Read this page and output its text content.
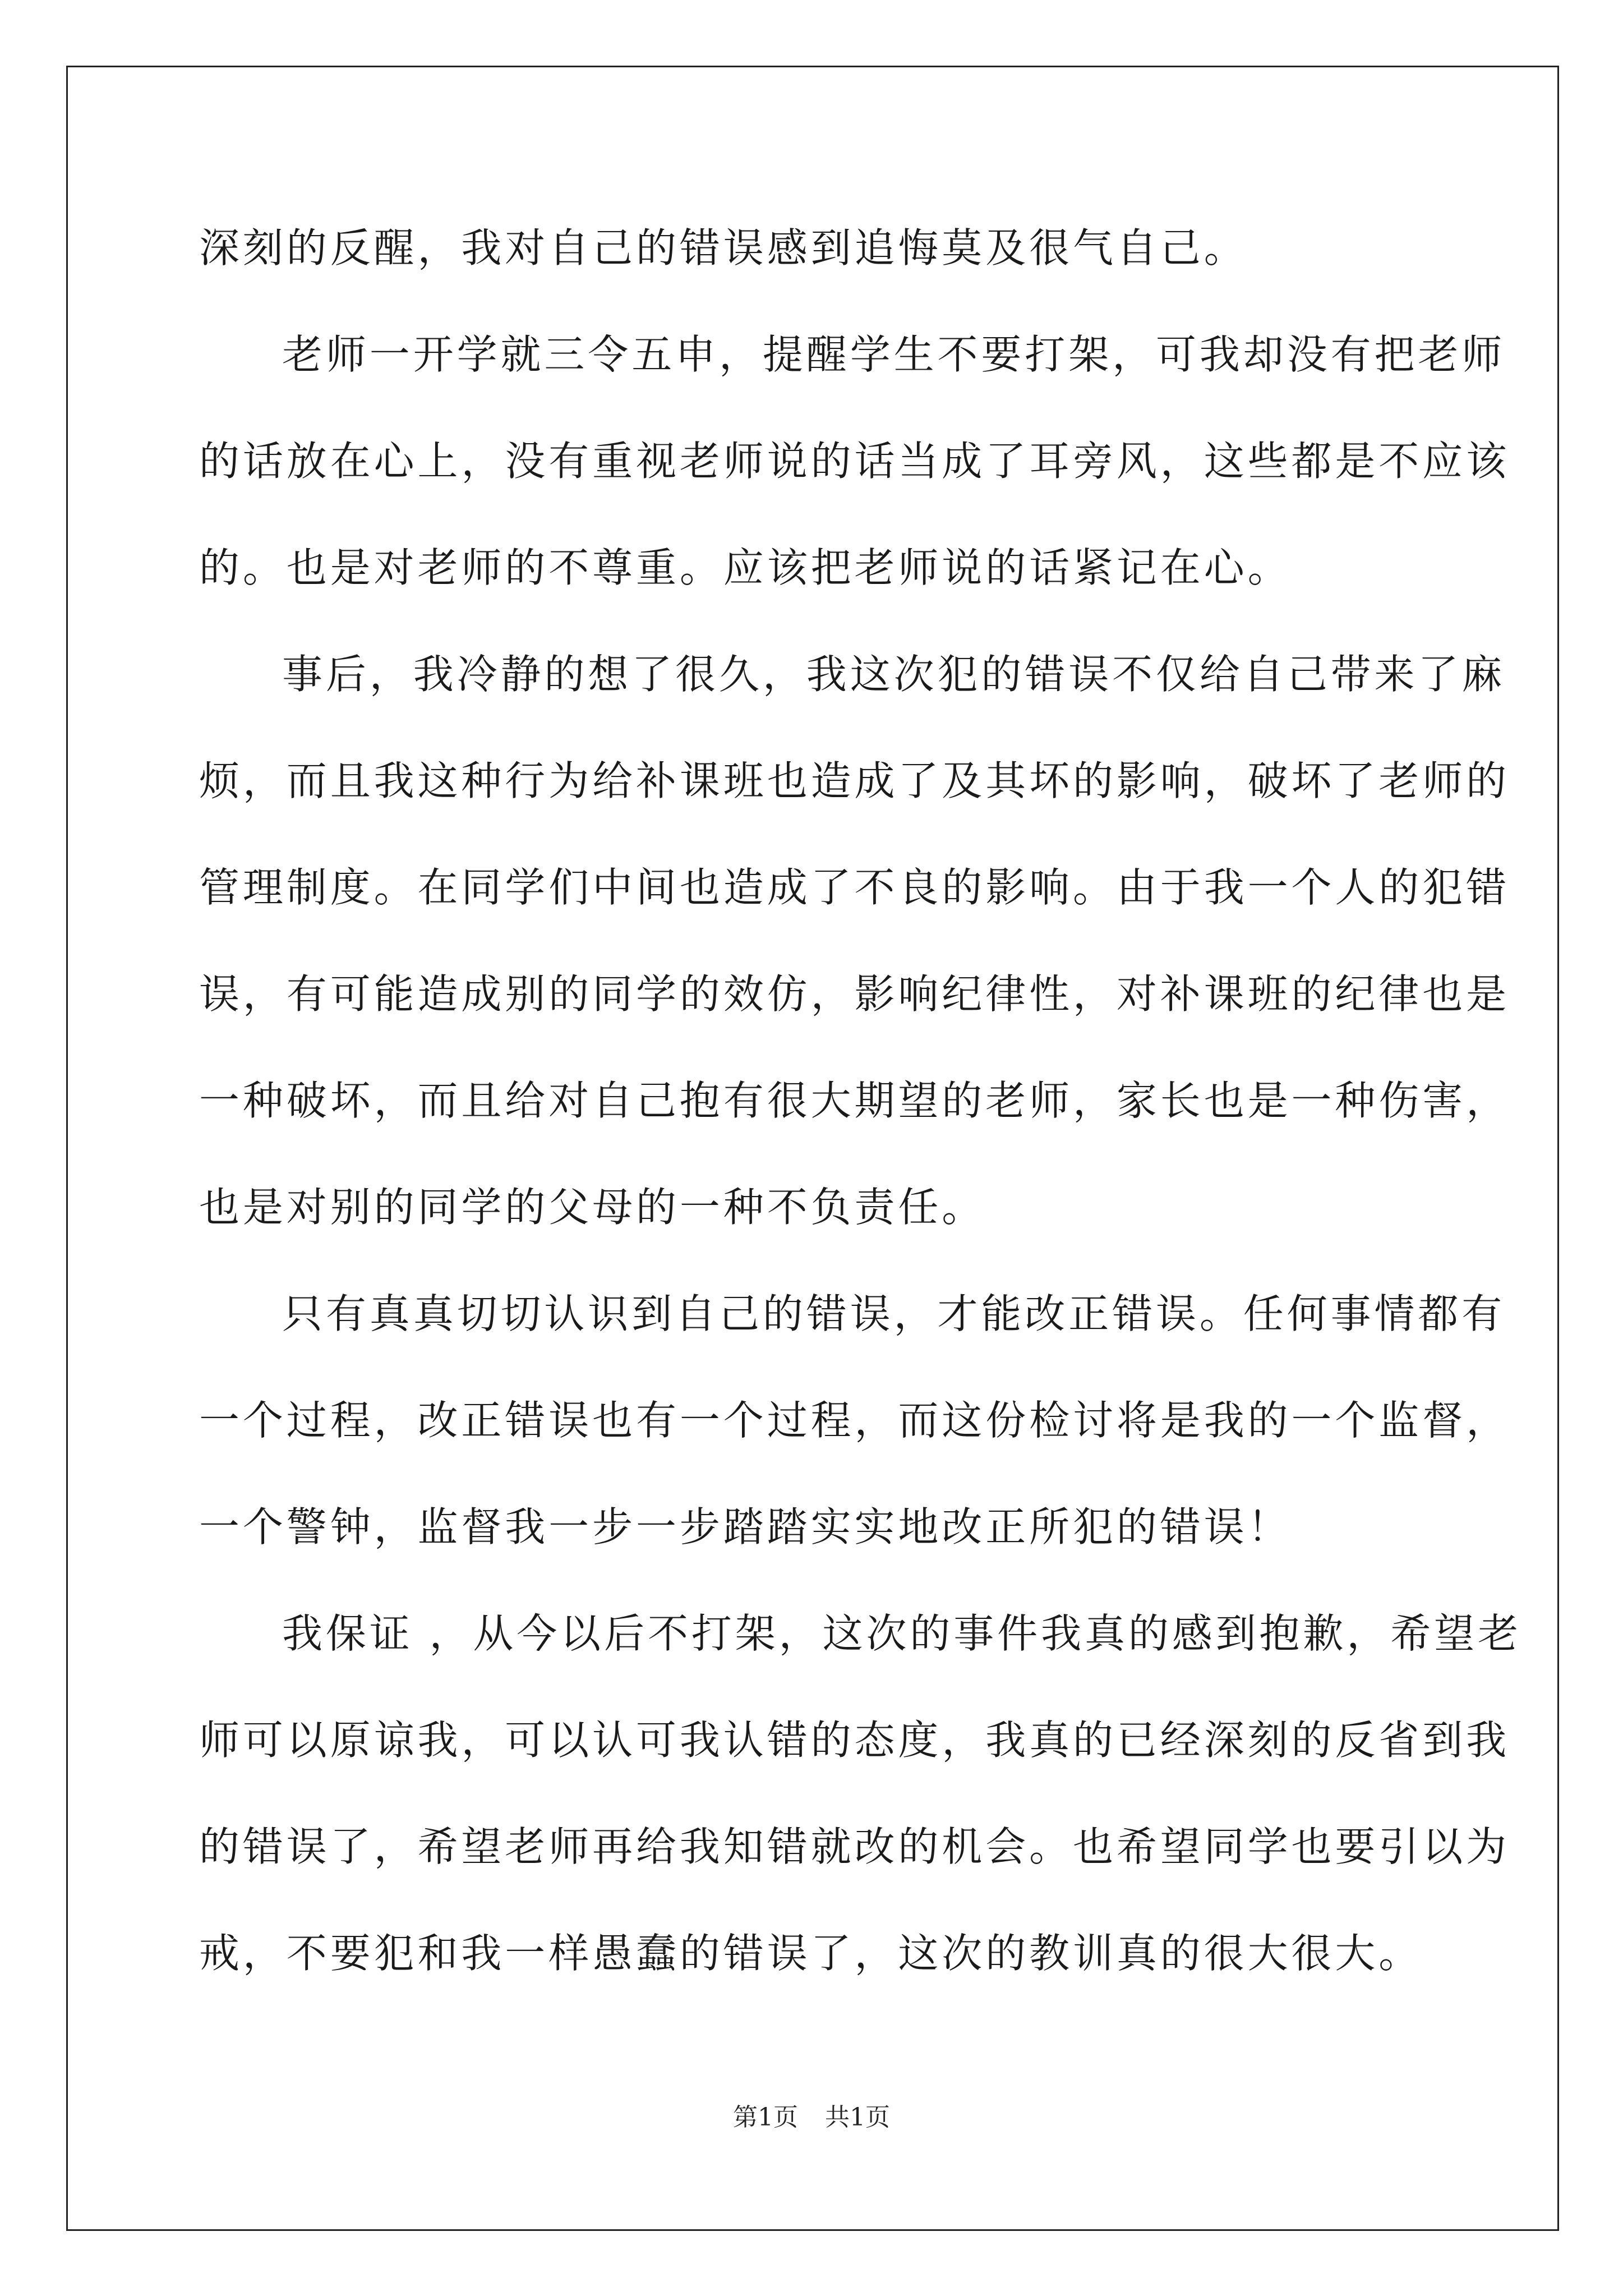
深刻的反醒，我对自己的错误感到追悔莫及很气自己。
老师一开学就三令五申，提醒学生不要打架，可我却没有把老师
的话放在心上，没有重视老师说的话当成了耳旁风，这些都是不应该
的。也是对老师的不尊重。应该把老师说的话紧记在心。
事后，我冷静的想了很久，我这次犯的错误不仅给自己带来了麻
烦，而且我这种行为给补课班也造成了及其坏的影响，破坏了老师的
管理制度。在同学们中间也造成了不良的影响。由于我一个人的犯错
误，有可能造成别的同学的效仿，影响纪律性，对补课班的纪律也是
一种破坏，而且给对自己抱有很大期望的老师，家长也是一种伤害，
也是对别的同学的父母的一种不负责任。
只有真真切切认识到自己的错误，才能改正错误。任何事情都有
一个过程，改正错误也有一个过程，而这份检讨将是我的一个监督，
一个警钟，监督我一步一步踏踏实实地改正所犯的错误！
我保证 ，从今以后不打架，这次的事件我真的感到抱歉，希望老
师可以原谅我，可以认可我认错的态度，我真的已经深刻的反省到我
的错误了，希望老师再给我知错就改的机会。也希望同学也要引以为
戒，不要犯和我一样愚蠢的错误了，这次的教训真的很大很大。
第1页 共1页
